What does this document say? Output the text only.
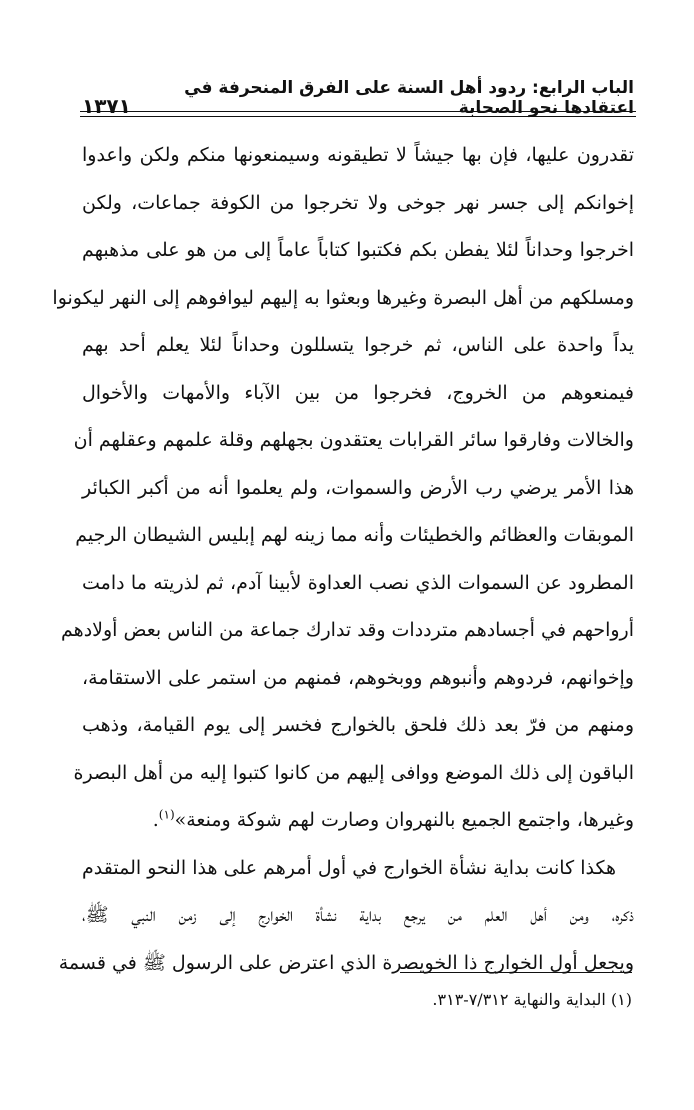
الباب الرابع: ردود أهل السنة على الفرق المنحرفة في اعتقادها نحو الصحابة
١٣٧١
تقدرون عليها، فإن بها جيشاً لا تطيقونه وسيمنعونها منكم ولكن واعدوا
إخوانكم إلى جسر نهر جوخى ولا تخرجوا من الكوفة جماعات، ولكن
اخرجوا وحداناً لئلا يفطن بكم فكتبوا كتاباً عاماً إلى من هو على مذهبهم
ومسلكهم من أهل البصرة وغيرها وبعثوا به إليهم ليوافوهم إلى النهر ليكونوا
يداً واحدة على الناس، ثم خرجوا يتسللون وحداناً لئلا يعلم أحد بهم
فيمنعوهم من الخروج، فخرجوا من بين الآباء والأمهات والأخوال
والخالات وفارقوا سائر القرابات يعتقدون بجهلهم وقلة علمهم وعقلهم أن
هذا الأمر يرضي رب الأرض والسموات، ولم يعلموا أنه من أكبر الكبائر
الموبقات والعظائم والخطيئات وأنه مما زينه لهم إبليس الشيطان الرجيم
المطرود عن السموات الذي نصب العداوة لأبينا آدم، ثم لذريته ما دامت
أرواحهم في أجسادهم مترددات وقد تدارك جماعة من الناس بعض أولادهم
وإخوانهم، فردوهم وأنبوهم ووبخوهم، فمنهم من استمر على الاستقامة،
ومنهم من فرّ بعد ذلك فلحق بالخوارج فخسر إلى يوم القيامة، وذهب
الباقون إلى ذلك الموضع ووافى إليهم من كانوا كتبوا إليه من أهل البصرة
وغيرها، واجتمع الجميع بالنهروان وصارت لهم شوكة ومنعة»$^{(١)}$.
هكذا كانت بداية نشأة الخوارج في أول أمرهم على هذا النحو المتقدم
ذكره، ومن أهل العلم من يرجع بداية نشأة الخوارج إلى زمن النبي ﷺ،
ويجعل أول الخوارج ذا الخويصرة الذي اعترض على الرسول ﷺ في قسمة
(١) البداية والنهاية ٧/٣١٢-٣١٣.
